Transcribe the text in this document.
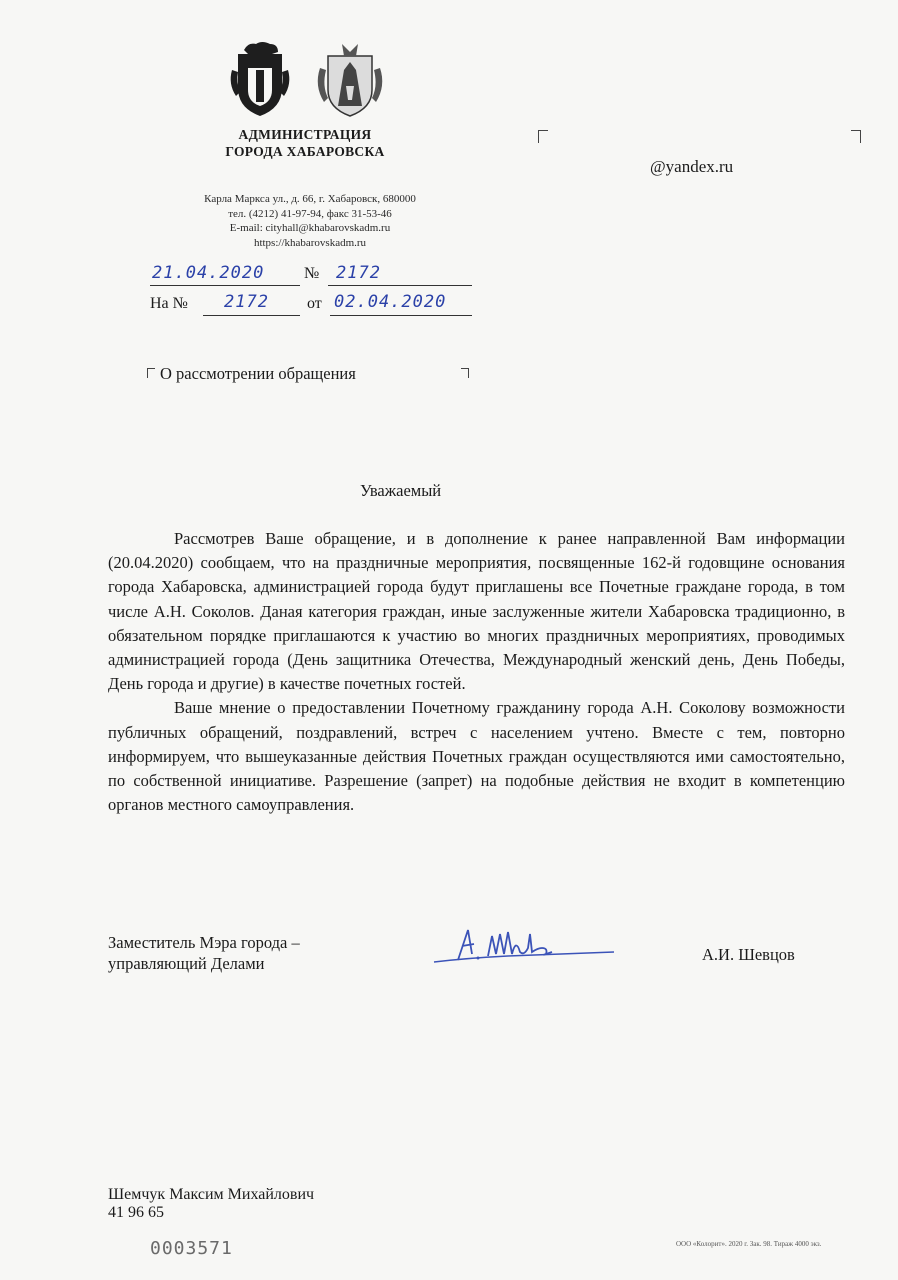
АДМИНИСТРАЦИЯ
ГОРОДА ХАБАРОВСКА
Карла Маркса ул., д. 66, г. Хабаровск, 680000
тел. (4212) 41-97-94, факс 31-53-46
E-mail: cityhall@khabarovskadm.ru
https://khabarovskadm.ru
@yandex.ru
21.04.2020 № 2172
На № 2172 от 02.04.2020
О рассмотрении обращения
Уважаемый

Рассмотрев Ваше обращение, и в дополнение к ранее направленной Вам информации (20.04.2020) сообщаем, что на праздничные мероприятия, посвященные 162-й годовщине основания города Хабаровска, администрацией города будут приглашены все Почетные граждане города, в том числе А.Н. Соколов. Даная категория граждан, иные заслуженные жители Хабаровска традиционно, в обязательном порядке приглашаются к участию во многих праздничных мероприятиях, проводимых администрацией города (День защитника Отечества, Международный женский день, День Победы, День города и другие) в качестве почетных гостей.

Ваше мнение о предоставлении Почетному гражданину города А.Н. Соколову возможности публичных обращений, поздравлений, встреч с населением учтено. Вместе с тем, повторно информируем, что вышеуказанные действия Почетных граждан осуществляются ими самостоятельно, по собственной инициативе. Разрешение (запрет) на подобные действия не входит в компетенцию органов местного самоуправления.

Заместитель Мэра города –
управляющий Делами	А.И. Шевцов
Шемчук Максим Михайлович
41 96 65
0003571	ООО «Колорит». 2020 г. Зак. 98. Тираж 4000 экз.
